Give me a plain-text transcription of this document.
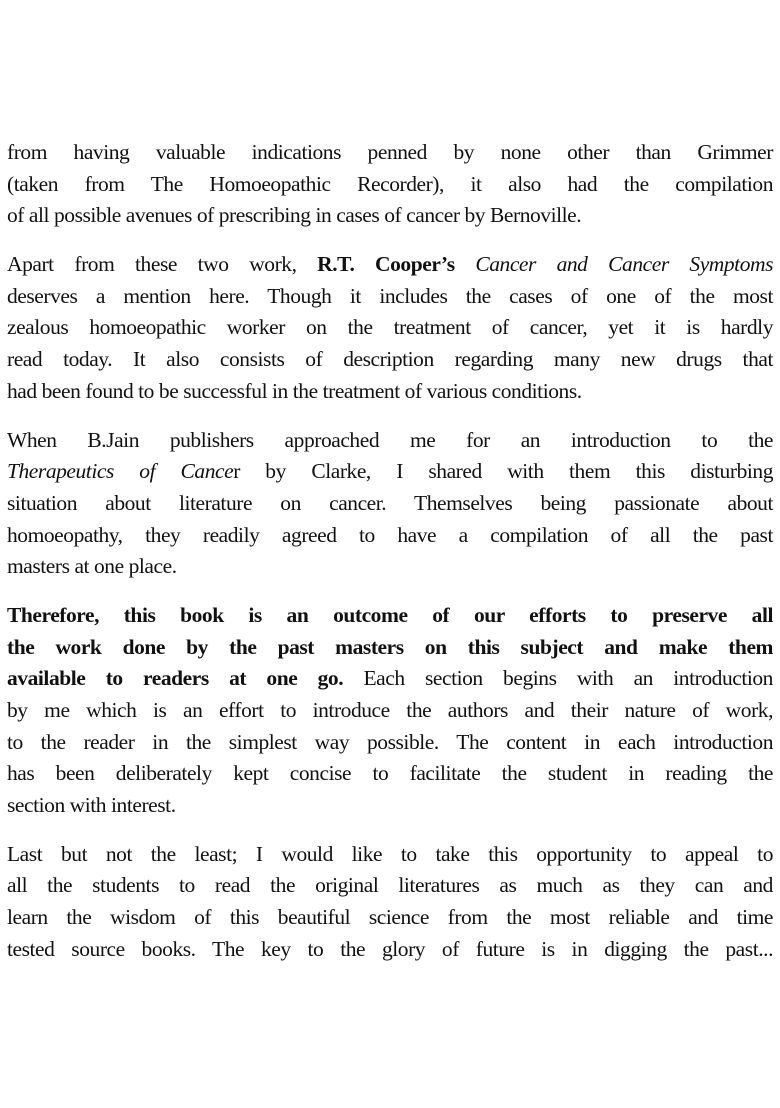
from having valuable indications penned by none other than Grimmer
(taken from The Homoeopathic Recorder), it also had the compilation
of all possible avenues of prescribing in cases of cancer by Bernoville.
Apart from these two work, R.T. Cooper’s Cancer and Cancer Symptoms
deserves a mention here. Though it includes the cases of one of the most
zealous homoeopathic worker on the treatment of cancer, yet it is hardly
read today. It also consists of description regarding many new drugs that
had been found to be successful in the treatment of various conditions.
When B.Jain publishers approached me for an introduction to the
Therapeutics of Cancer by Clarke, I shared with them this disturbing
situation about literature on cancer. Themselves being passionate about
homoeopathy, they readily agreed to have a compilation of all the past
masters at one place.
Therefore, this book is an outcome of our efforts to preserve all
the work done by the past masters on this subject and make them
available to readers at one go. Each section begins with an introduction
by me which is an effort to introduce the authors and their nature of work,
to the reader in the simplest way possible. The content in each introduction
has been deliberately kept concise to facilitate the student in reading the
section with interest.
Last but not the least; I would like to take this opportunity to appeal to
all the students to read the original literatures as much as they can and
learn the wisdom of this beautiful science from the most reliable and time
tested source books. The key to the glory of future is in digging the past...
